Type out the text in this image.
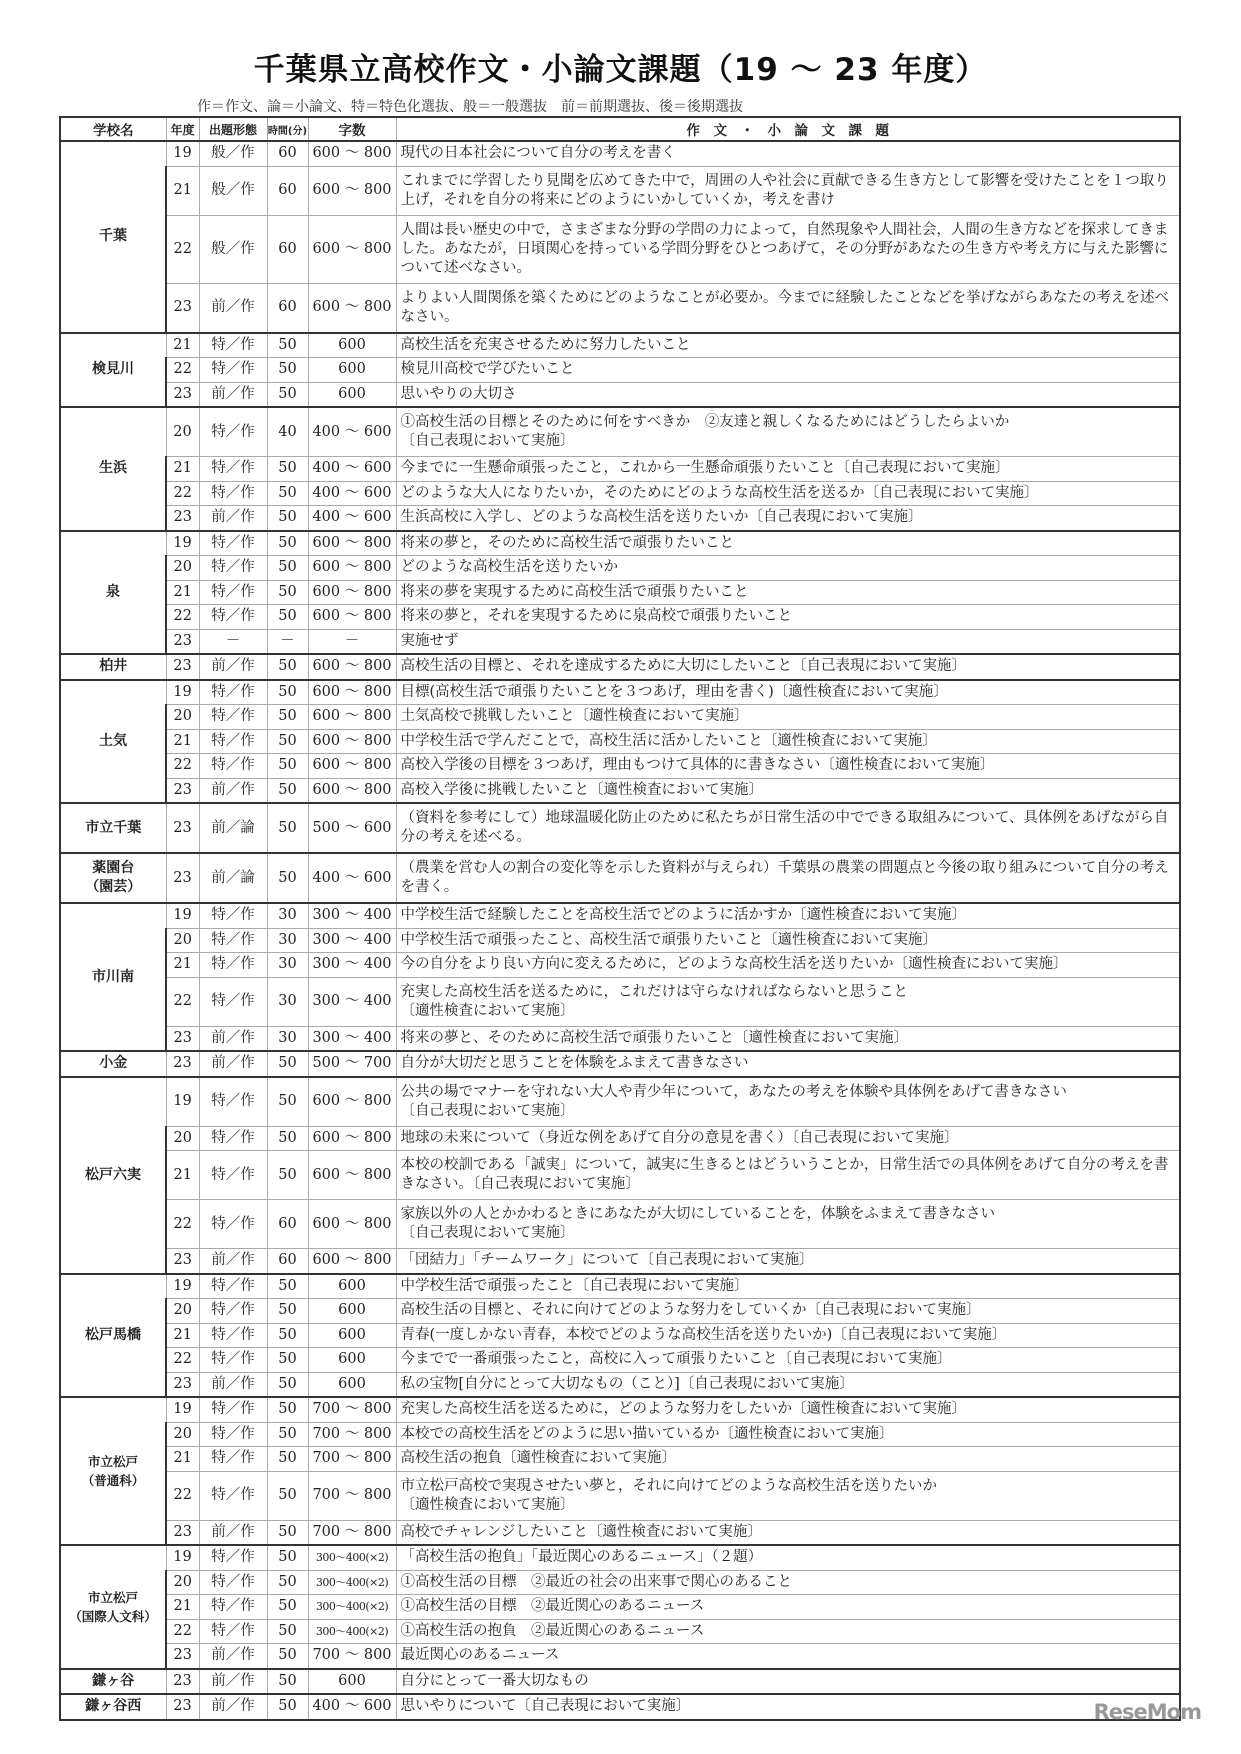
千葉県立高校作文・小論文課題（19 ～ 23 年度）
作＝作文、論＝小論文、特＝特色化選抜、般＝一般選抜　前＝前期選抜、後＝後期選抜
学校名	年度	出題形態	時間(分)	字数	作　文　・　小　論　文　課　題
千葉	19	般／作	60	600 ～ 800	現代の日本社会について自分の考えを書く
	21	般／作	60	600 ～ 800	これまでに学習したり見聞を広めてきた中で，周囲の人や社会に貢献できる生き方として影響を受けたことを１つ取り上げ，それを自分の将来にどのようにいかしていくか，考えを書け
	22	般／作	60	600 ～ 800	人間は長い歴史の中で，さまざまな分野の学問の力によって，自然現象や人間社会，人間の生き方などを探求してきました。あなたが，日頃関心を持っている学問分野をひとつあげて，その分野があなたの生き方や考え方に与えた影響について述べなさい。
	23	前／作	60	600 ～ 800	よりよい人間関係を築くためにどのようなことが必要か。今までに経験したことなどを挙げながらあなたの考えを述べなさい。
検見川	21	特／作	50	600	高校生活を充実させるために努力したいこと
	22	特／作	50	600	検見川高校で学びたいこと
	23	前／作	50	600	思いやりの大切さ
生浜	20	特／作	40	400 ～ 600	①高校生活の目標とそのために何をすべきか　②友達と親しくなるためにはどうしたらよいか
〔自己表現において実施〕
	21	特／作	50	400 ～ 600	今までに一生懸命頑張ったこと，これから一生懸命頑張りたいこと〔自己表現において実施〕
	22	特／作	50	400 ～ 600	どのような大人になりたいか，そのためにどのような高校生活を送るか〔自己表現において実施〕
	23	前／作	50	400 ～ 600	生浜高校に入学し、どのような高校生活を送りたいか〔自己表現において実施〕
泉	19	特／作	50	600 ～ 800	将来の夢と，そのために高校生活で頑張りたいこと
	20	特／作	50	600 ～ 800	どのような高校生活を送りたいか
	21	特／作	50	600 ～ 800	将来の夢を実現するために高校生活で頑張りたいこと
	22	特／作	50	600 ～ 800	将来の夢と，それを実現するために泉高校で頑張りたいこと
	23	－	－	－	実施せず
柏井	23	前／作	50	600 ～ 800	高校生活の目標と、それを達成するために大切にしたいこと〔自己表現において実施〕
土気	19	特／作	50	600 ～ 800	目標(高校生活で頑張りたいことを３つあげ，理由を書く)〔適性検査において実施〕
	20	特／作	50	600 ～ 800	土気高校で挑戦したいこと〔適性検査において実施〕
	21	特／作	50	600 ～ 800	中学校生活で学んだことで，高校生活に活かしたいこと〔適性検査において実施〕
	22	特／作	50	600 ～ 800	高校入学後の目標を３つあげ，理由もつけて具体的に書きなさい〔適性検査において実施〕
	23	前／作	50	600 ～ 800	高校入学後に挑戦したいこと〔適性検査において実施〕
市立千葉	23	前／論	50	500 ～ 600	（資料を参考にして）地球温暖化防止のために私たちが日常生活の中でできる取組みについて、具体例をあげながら自分の考えを述べる。
薬園台
（園芸）	23	前／論	50	400 ～ 600	（農業を営む人の割合の変化等を示した資料が与えられ）千葉県の農業の問題点と今後の取り組みについて自分の考えを書く。
市川南	19	特／作	30	300 ～ 400	中学校生活で経験したことを高校生活でどのように活かすか〔適性検査において実施〕
	20	特／作	30	300 ～ 400	中学校生活で頑張ったこと、高校生活で頑張りたいこと〔適性検査において実施〕
	21	特／作	30	300 ～ 400	今の自分をより良い方向に変えるために，どのような高校生活を送りたいか〔適性検査において実施〕
	22	特／作	30	300 ～ 400	充実した高校生活を送るために，これだけは守らなければならないと思うこと
〔適性検査において実施〕
	23	前／作	30	300 ～ 400	将来の夢と、そのために高校生活で頑張りたいこと〔適性検査において実施〕
小金	23	前／作	50	500 ～ 700	自分が大切だと思うことを体験をふまえて書きなさい
松戸六実	19	特／作	50	600 ～ 800	公共の場でマナーを守れない大人や青少年について，あなたの考えを体験や具体例をあげて書きなさい
〔自己表現において実施〕
	20	特／作	50	600 ～ 800	地球の未来について（身近な例をあげて自分の意見を書く）〔自己表現において実施〕
	21	特／作	50	600 ～ 800	本校の校訓である「誠実」について，誠実に生きるとはどういうことか，日常生活での具体例をあげて自分の考えを書きなさい。〔自己表現において実施〕
	22	特／作	60	600 ～ 800	家族以外の人とかかわるときにあなたが大切にしていることを，体験をふまえて書きなさい
〔自己表現において実施〕
	23	前／作	60	600 ～ 800	「団結力」「チームワーク」について〔自己表現において実施〕
松戸馬橋	19	特／作	50	600	中学校生活で頑張ったこと〔自己表現において実施〕
	20	特／作	50	600	高校生活の目標と、それに向けてどのような努力をしていくか〔自己表現において実施〕
	21	特／作	50	600	青春(一度しかない青春，本校でどのような高校生活を送りたいか)〔自己表現において実施〕
	22	特／作	50	600	今までで一番頑張ったこと，高校に入って頑張りたいこと〔自己表現において実施〕
	23	前／作	50	600	私の宝物[自分にとって大切なもの（こと）]〔自己表現において実施〕
市立松戸
（普通科）	19	特／作	50	700 ～ 800	充実した高校生活を送るために，どのような努力をしたいか〔適性検査において実施〕
	20	特／作	50	700 ～ 800	本校での高校生活をどのように思い描いているか〔適性検査において実施〕
	21	特／作	50	700 ～ 800	高校生活の抱負〔適性検査において実施〕
	22	特／作	50	700 ～ 800	市立松戸高校で実現させたい夢と，それに向けてどのような高校生活を送りたいか
〔適性検査において実施〕
	23	前／作	50	700 ～ 800	高校でチャレンジしたいこと〔適性検査において実施〕
市立松戸
（国際人文科）	19	特／作	50	300～400(×2)	「高校生活の抱負」「最近関心のあるニュース」（２題）
	20	特／作	50	300～400(×2)	①高校生活の目標　②最近の社会の出来事で関心のあること
	21	特／作	50	300～400(×2)	①高校生活の目標　②最近関心のあるニュース
	22	特／作	50	300～400(×2)	①高校生活の抱負　②最近関心のあるニュース
	23	前／作	50	700 ～ 800	最近関心のあるニュース
鎌ヶ谷	23	前／作	50	600	自分にとって一番大切なもの
鎌ヶ谷西	23	前／作	50	400 ～ 600	思いやりについて〔自己表現において実施〕	ReseMom
